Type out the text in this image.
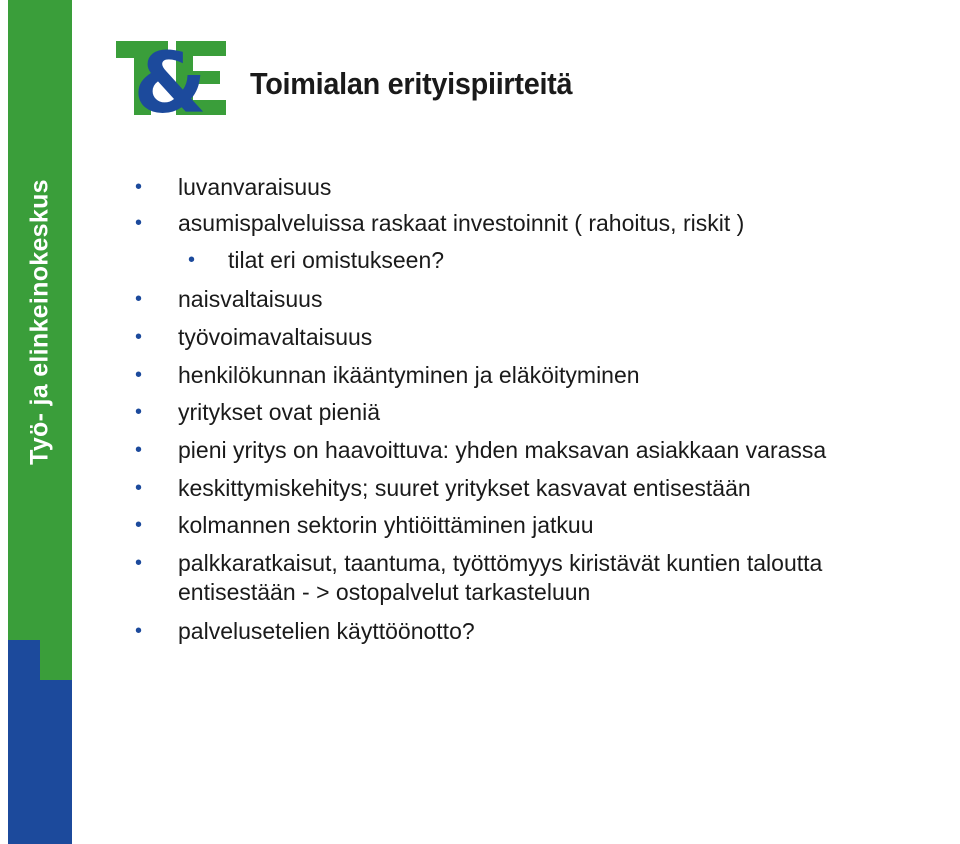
Työ- ja elinkeinokeskus
& Toimialan erityispiirteitä
• luvanvaraisuus
• asumispalveluissa raskaat investoinnit ( rahoitus, riskit )
• tilat eri omistukseen?
• naisvaltaisuus
• työvoimavaltaisuus
• henkilökunnan ikääntyminen ja eläköityminen
• yritykset ovat pieniä
• pieni yritys on haavoittuva: yhden maksavan asiakkaan varassa
• keskittymiskehitys; suuret yritykset kasvavat entisestään
• kolmannen sektorin yhtiöittäminen jatkuu
• palkkaratkaisut, taantuma, työttömyys kiristävät kuntien taloutta
entisestään - > ostopalvelut tarkasteluun
• palvelusetelien käyttöönotto?
